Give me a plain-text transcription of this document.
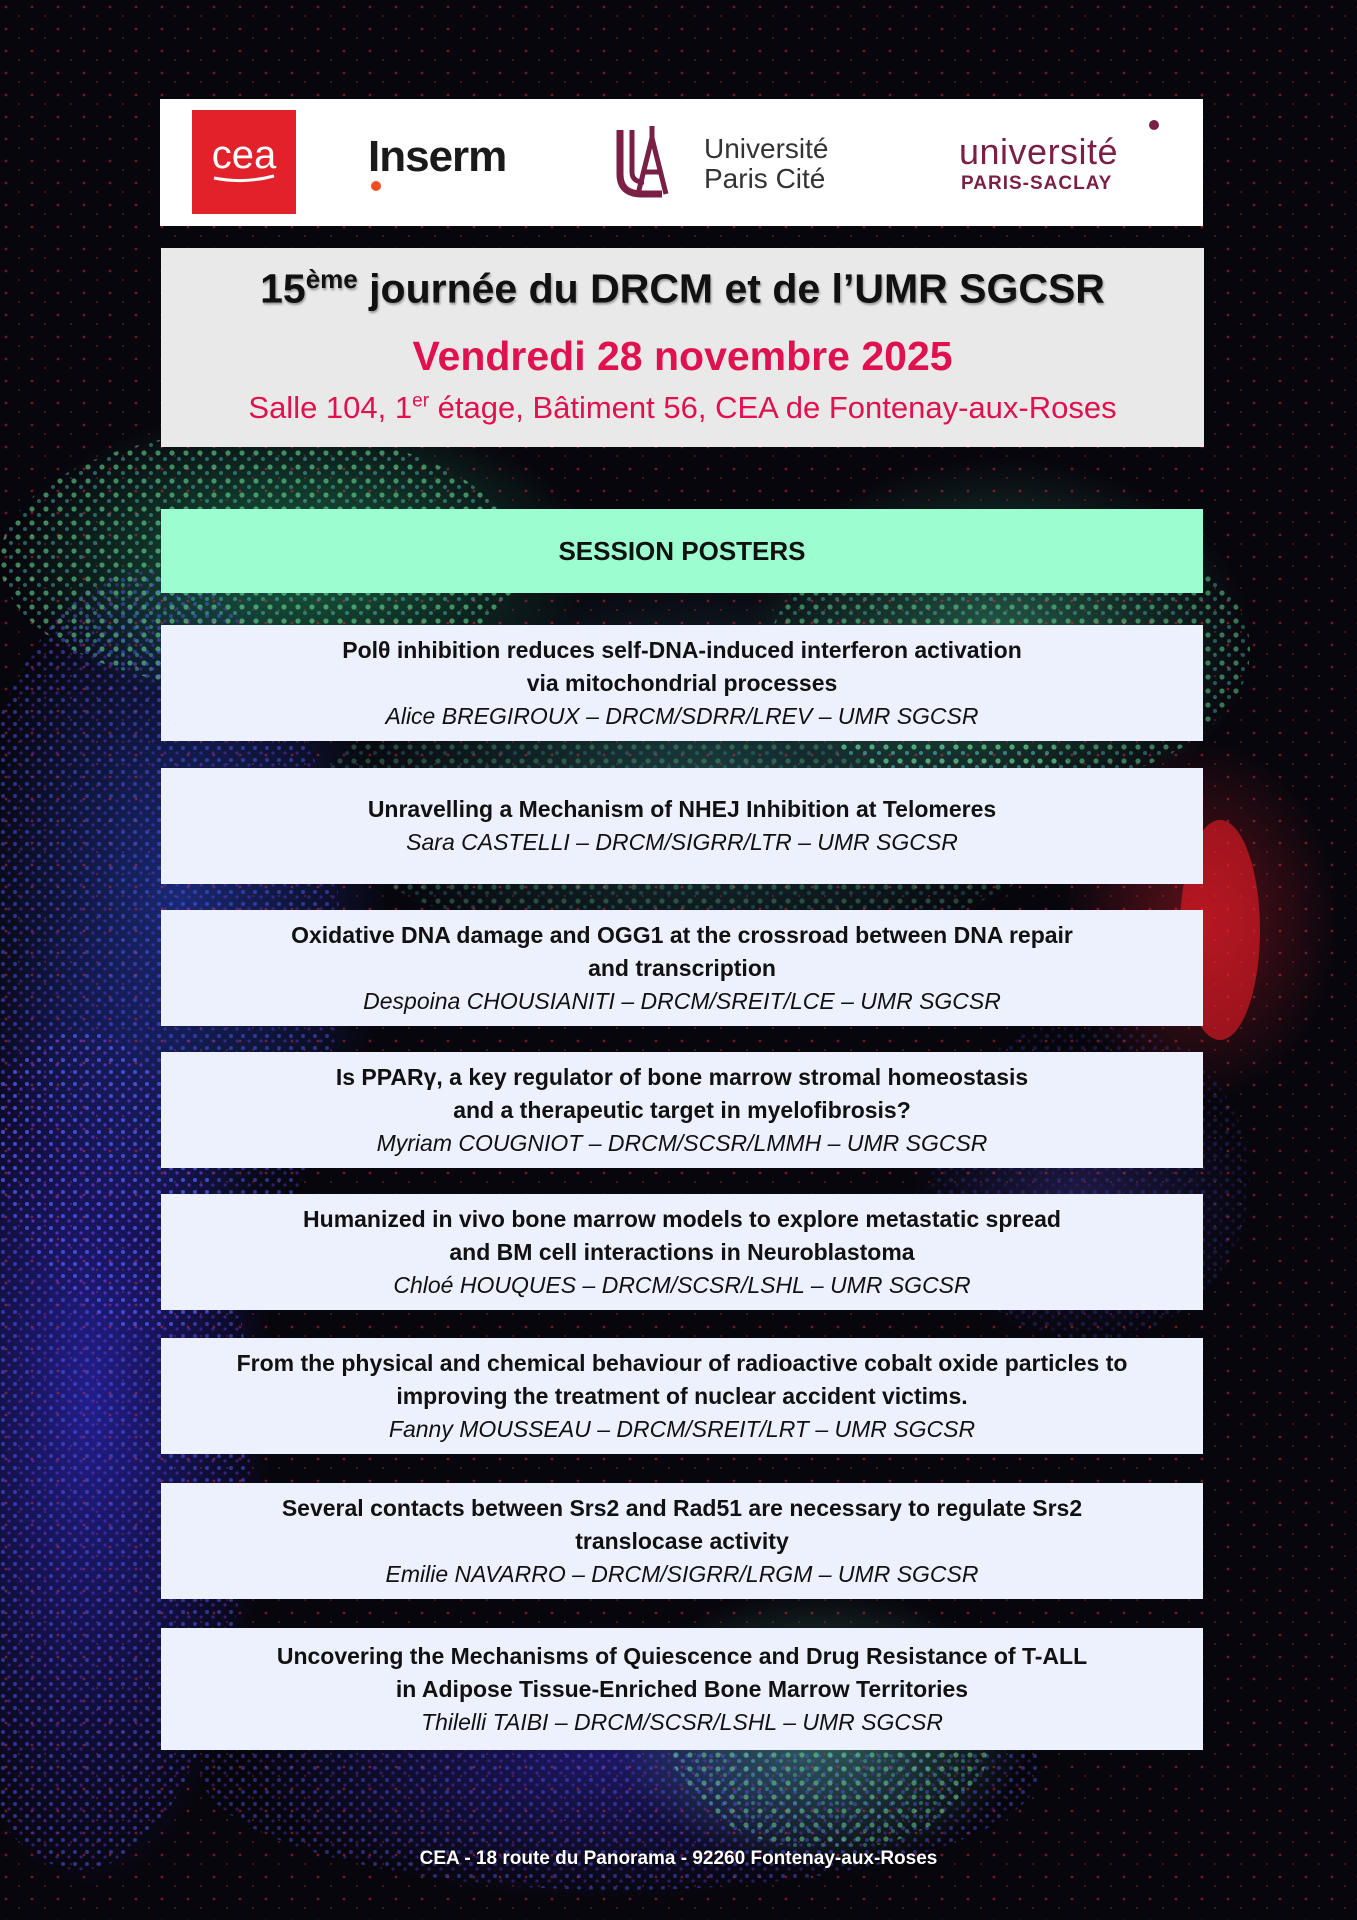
cea Inserm	Université
Paris Cité
université
PARIS-SACLAY
15ème journée du DRCM et de l’UMR SGCSR
Vendredi 28 novembre 2025
Salle 104, 1er étage, Bâtiment 56, CEA de Fontenay-aux-Roses
SESSION POSTERS
Polθ inhibition reduces self-DNA-induced interferon activation
via mitochondrial processes
Alice BREGIROUX – DRCM/SDRR/LREV – UMR SGCSR
Unravelling a Mechanism of NHEJ Inhibition at Telomeres
Sara CASTELLI – DRCM/SIGRR/LTR – UMR SGCSR
Oxidative DNA damage and OGG1 at the crossroad between DNA repair
and transcription
Despoina CHOUSIANITI – DRCM/SREIT/LCE – UMR SGCSR
Is PPARγ, a key regulator of bone marrow stromal homeostasis
and a therapeutic target in myelofibrosis?
Myriam COUGNIOT – DRCM/SCSR/LMMH – UMR SGCSR
Humanized in vivo bone marrow models to explore metastatic spread
and BM cell interactions in Neuroblastoma
Chloé HOUQUES – DRCM/SCSR/LSHL – UMR SGCSR
From the physical and chemical behaviour of radioactive cobalt oxide particles to
improving the treatment of nuclear accident victims.
Fanny MOUSSEAU – DRCM/SREIT/LRT – UMR SGCSR
Several contacts between Srs2 and Rad51 are necessary to regulate Srs2
translocase activity
Emilie NAVARRO – DRCM/SIGRR/LRGM – UMR SGCSR
Uncovering the Mechanisms of Quiescence and Drug Resistance of T-ALL
in Adipose Tissue-Enriched Bone Marrow Territories
Thilelli TAIBI – DRCM/SCSR/LSHL – UMR SGCSR
CEA - 18 route du Panorama - 92260 Fontenay-aux-Roses
